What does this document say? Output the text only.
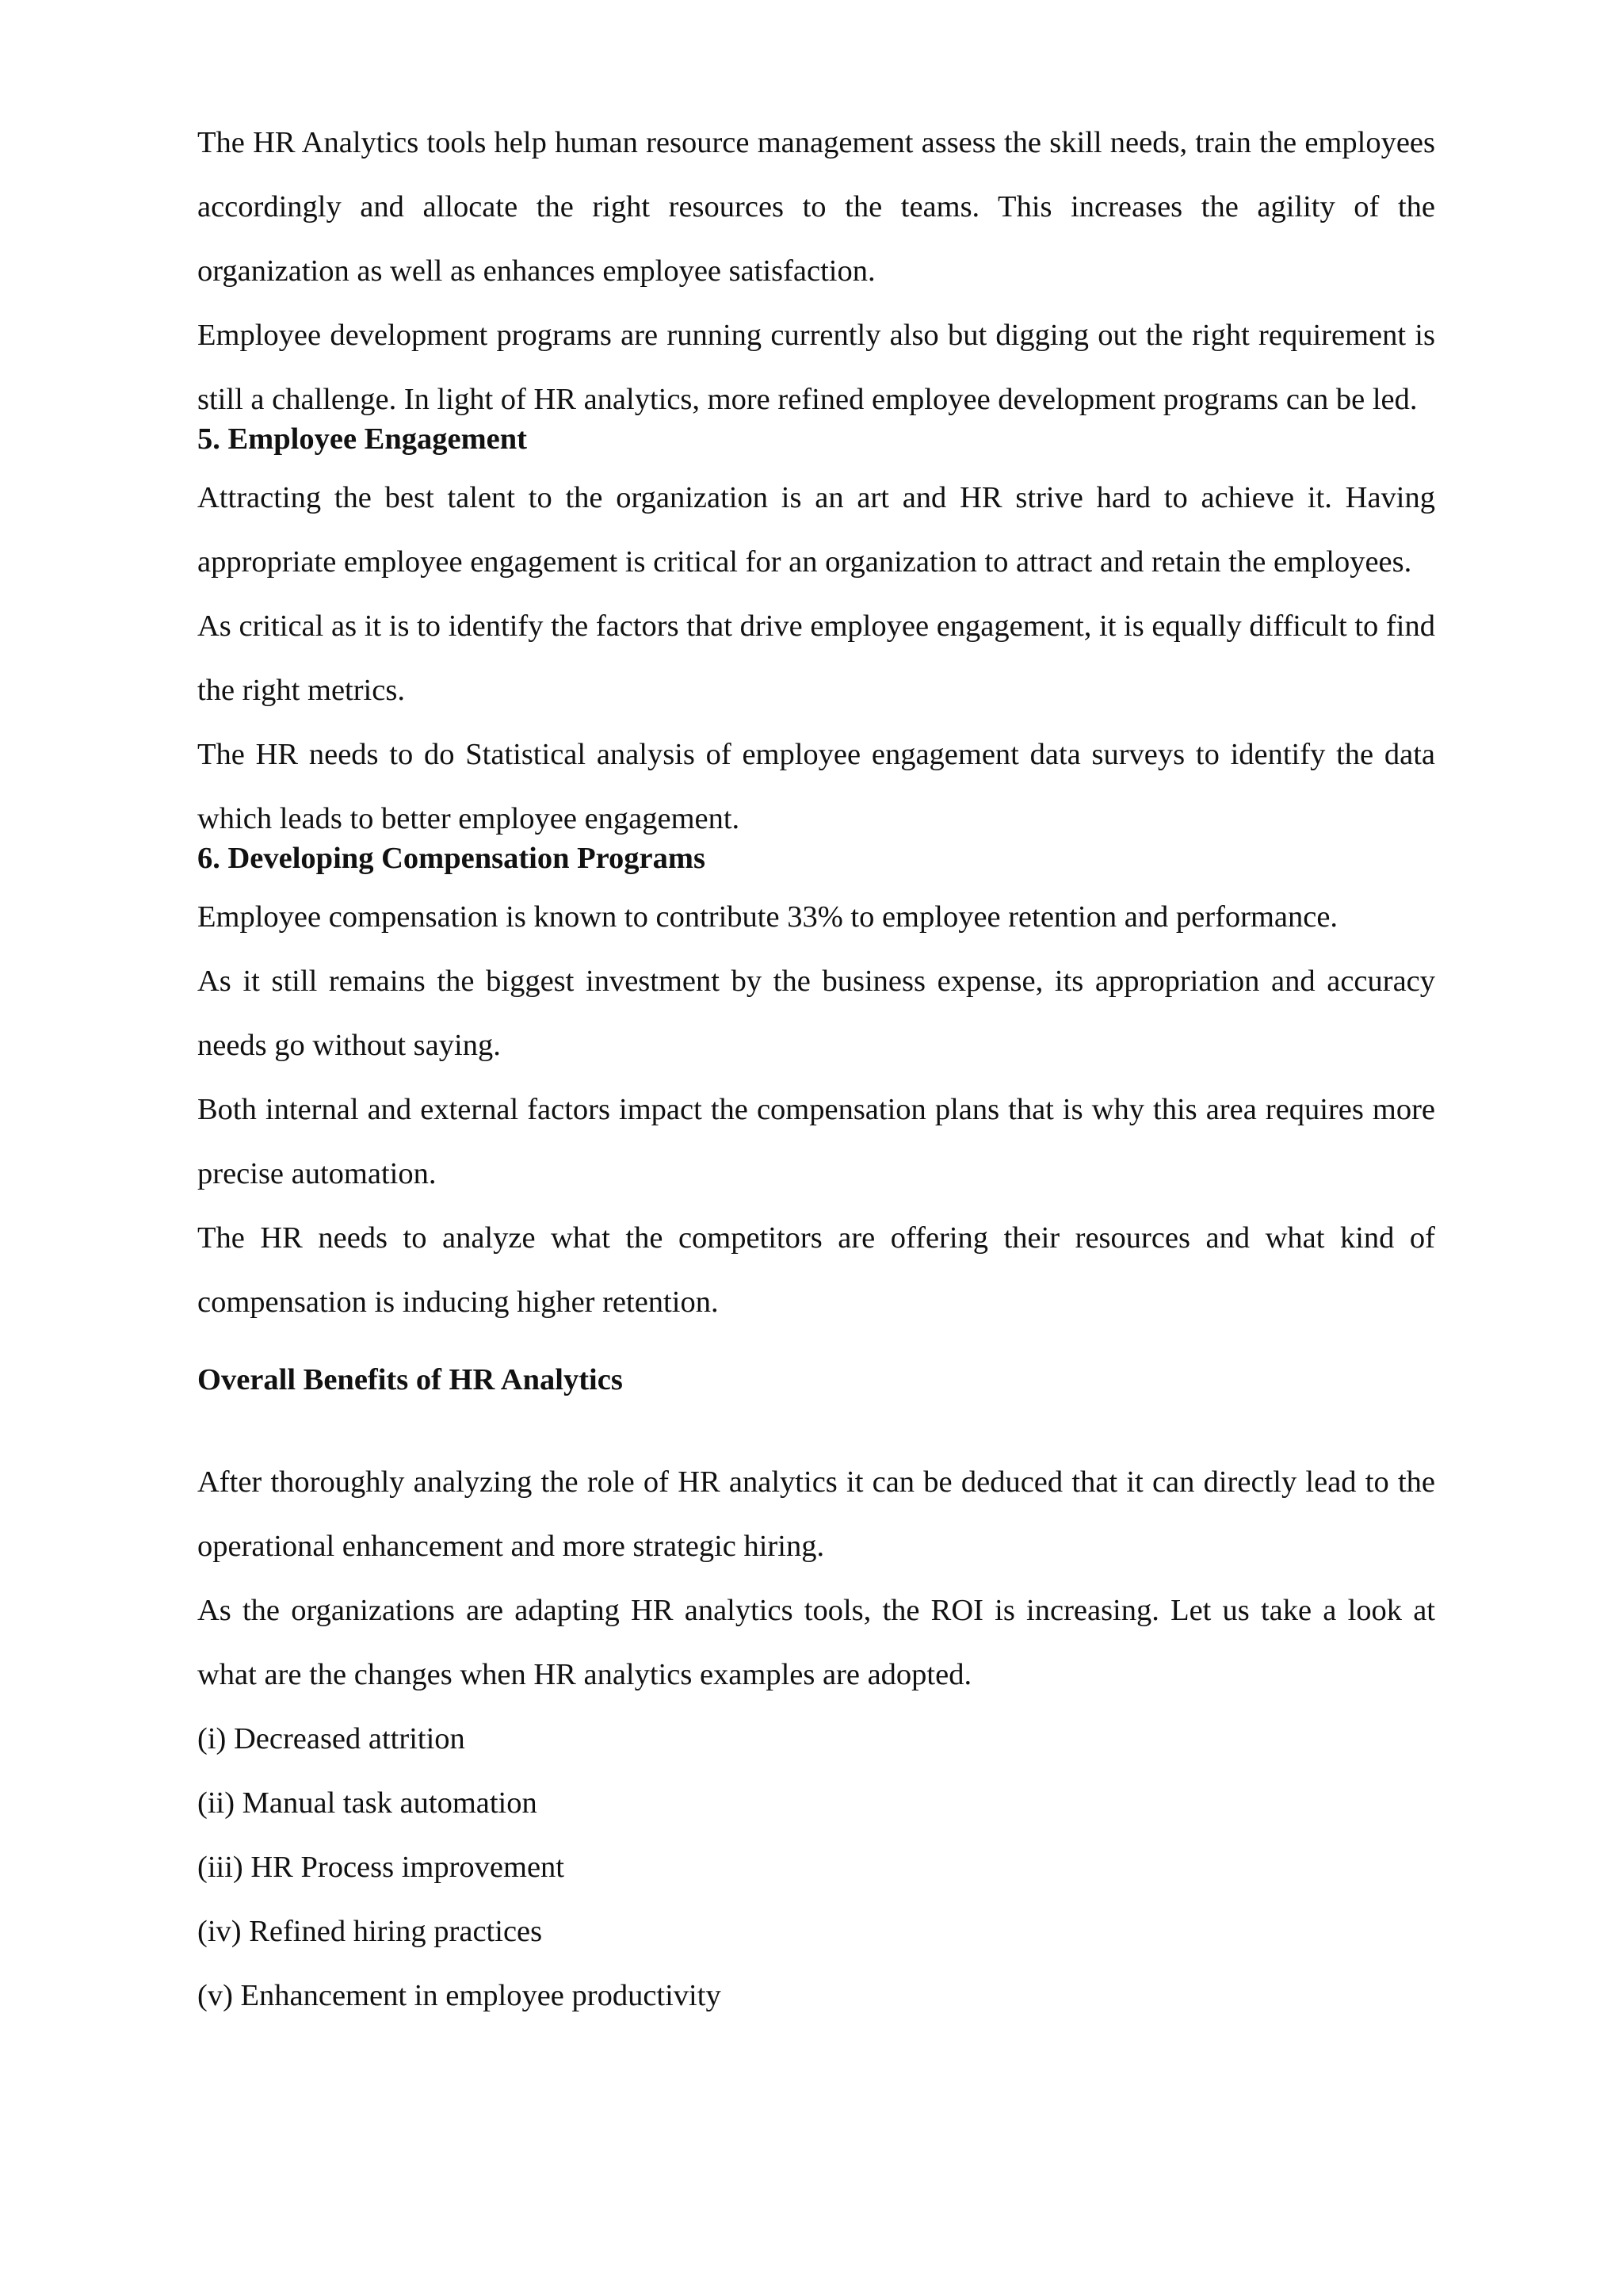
The HR Analytics tools help human resource management assess the skill needs, train the employees accordingly and allocate the right resources to the teams. This increases the agility of the organization as well as enhances employee satisfaction.

Employee development programs are running currently also but digging out the right requirement is still a challenge. In light of HR analytics, more refined employee development programs can be led.

5. Employee Engagement

Attracting the best talent to the organization is an art and HR strive hard to achieve it. Having appropriate employee engagement is critical for an organization to attract and retain the employees.

As critical as it is to identify the factors that drive employee engagement, it is equally difficult to find the right metrics.

The HR needs to do Statistical analysis of employee engagement data surveys to identify the data which leads to better employee engagement.

6. Developing Compensation Programs

Employee compensation is known to contribute 33% to employee retention and performance.

As it still remains the biggest investment by the business expense, its appropriation and accuracy needs go without saying.

Both internal and external factors impact the compensation plans that is why this area requires more precise automation.

The HR needs to analyze what the competitors are offering their resources and what kind of compensation is inducing higher retention.

Overall Benefits of HR Analytics

After thoroughly analyzing the role of HR analytics it can be deduced that it can directly lead to the operational enhancement and more strategic hiring.

As the organizations are adapting HR analytics tools, the ROI is increasing. Let us take a look at what are the changes when HR analytics examples are adopted.

(i) Decreased attrition
(ii) Manual task automation
(iii) HR Process improvement
(iv) Refined hiring practices
(v) Enhancement in employee productivity
